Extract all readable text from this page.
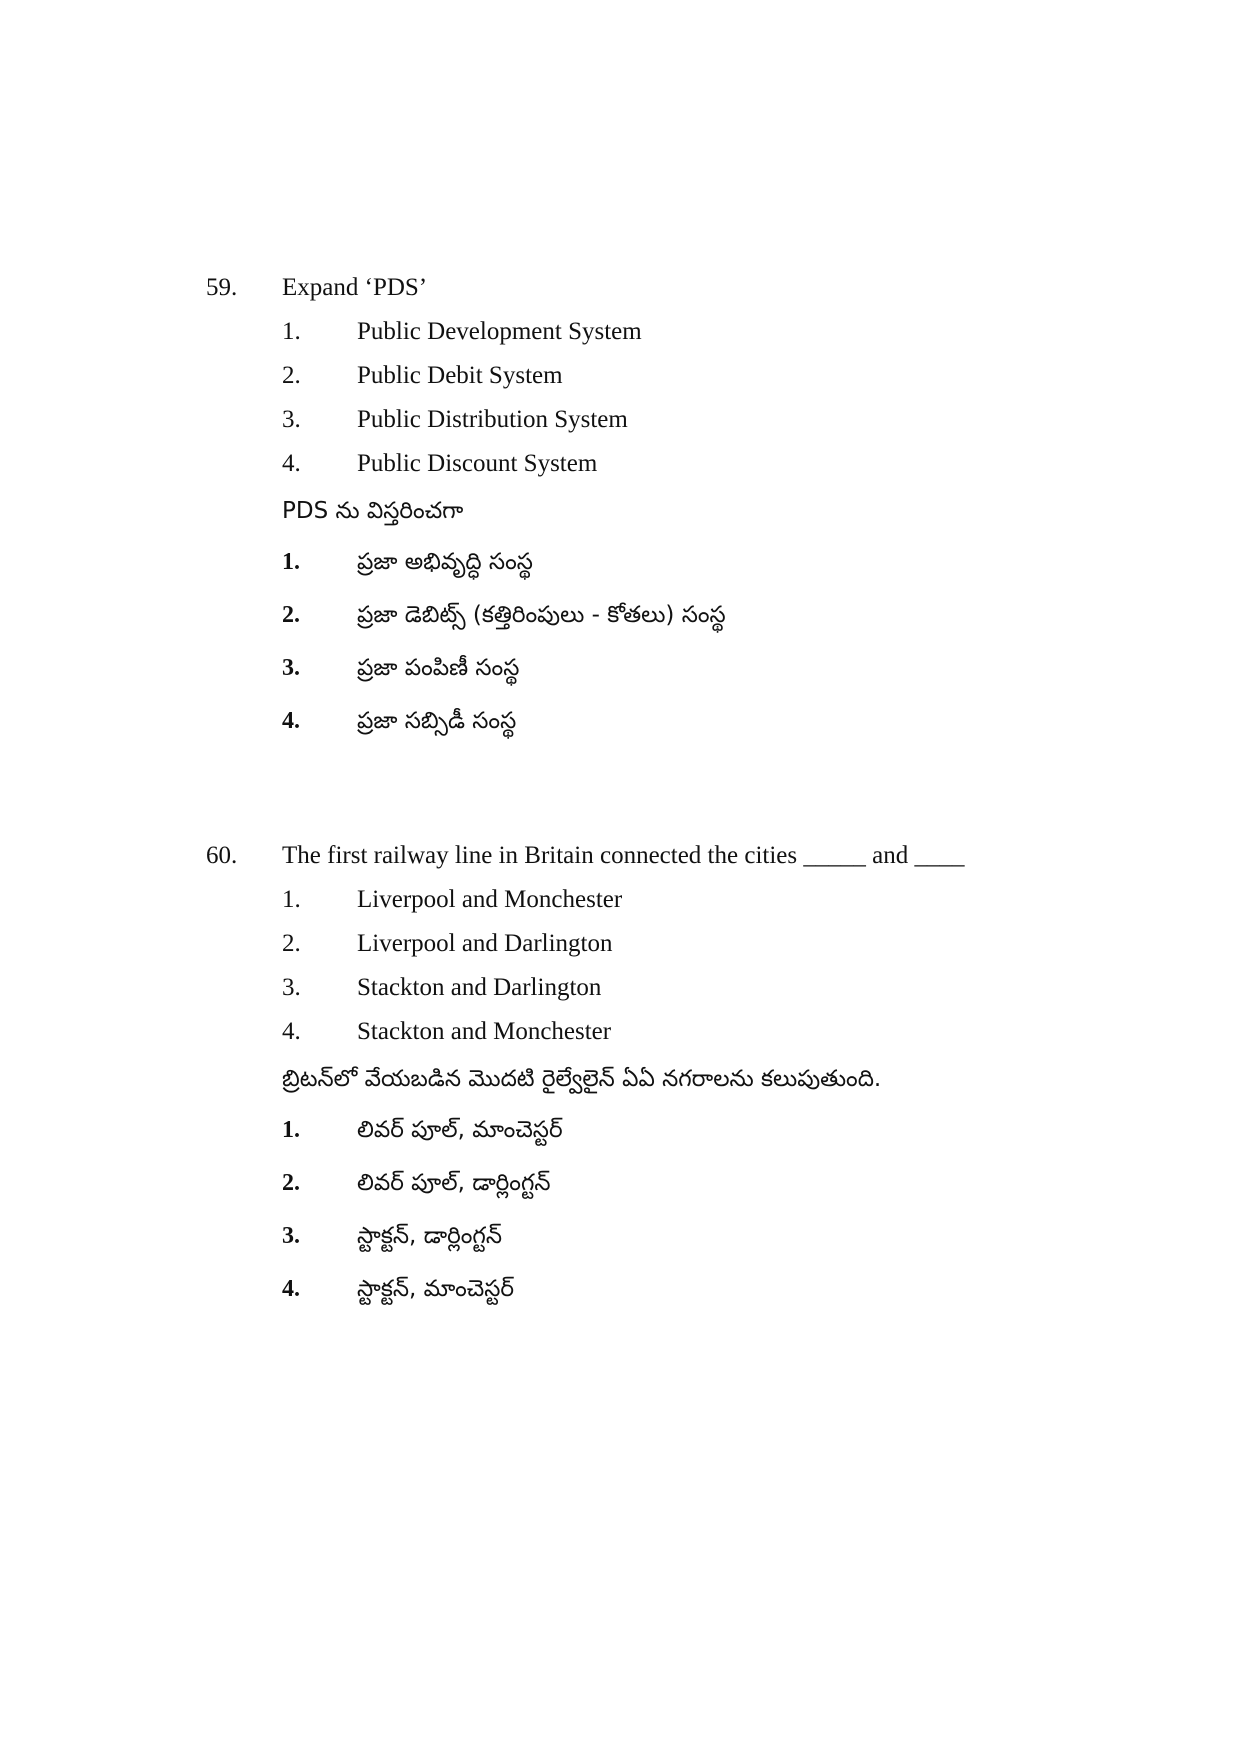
59. Expand ‘PDS’
1. Public Development System
2. Public Debit System
3. Public Distribution System
4. Public Discount System
PDS ను విస్తరించగా
1. ప్రజా అభివృద్ధి సంస్థ
2. ప్రజా డెబిట్స్ (కత్తిరింపులు - కోతలు) సంస్థ
3. ప్రజా పంపిణీ సంస్థ
4. ప్రజా సబ్సిడీ సంస్థ
60. The first railway line in Britain connected the cities _____ and ____
1. Liverpool and Monchester
2. Liverpool and Darlington
3. Stackton and Darlington
4. Stackton and Monchester
బ్రిటన్‌లో వేయబడిన మొదటి రైల్వేలైన్ ఏఏ నగరాలను కలుపుతుంది.
1. లివర్ పూల్, మాంచెస్టర్
2. లివర్ పూల్, డార్లింగ్టన్
3. స్టాక్టన్, డార్లింగ్టన్
4. స్టాక్టన్, మాంచెస్టర్
